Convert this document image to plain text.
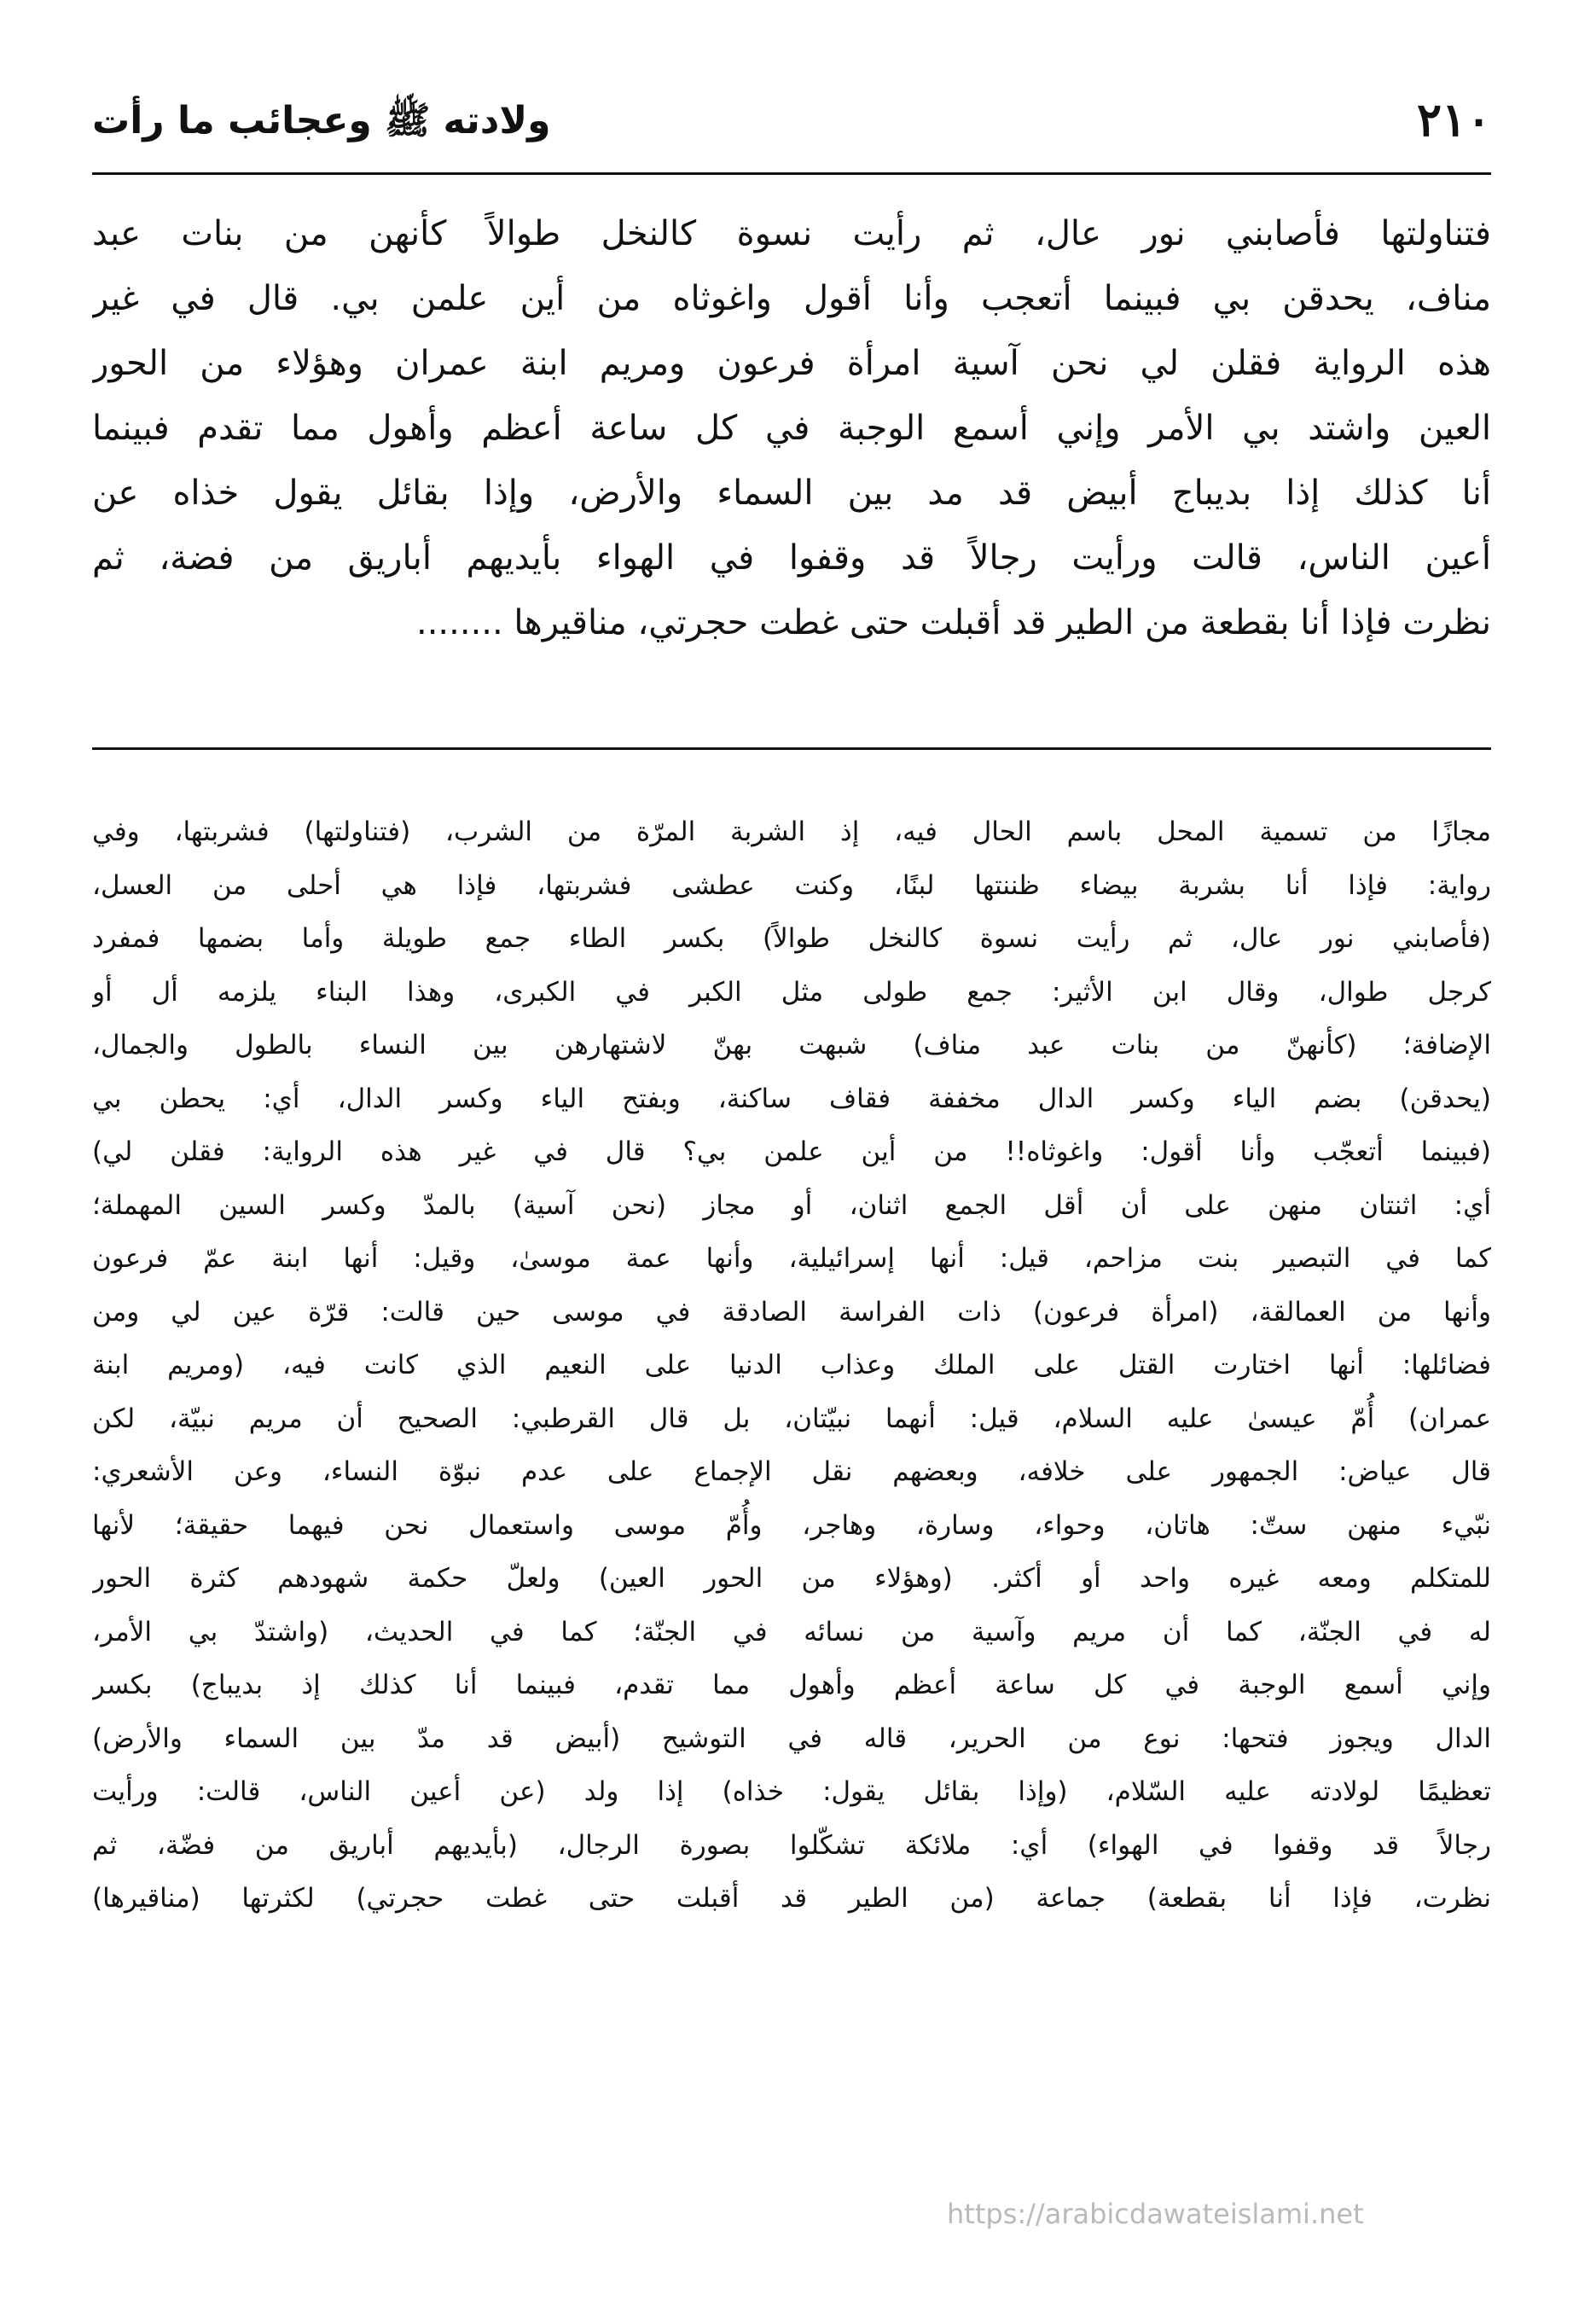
٢١٠
ولادته ﷺ وعجائب ما رأت
فتناولتها فأصابني نور عال، ثم رأيت نسوة كالنخل طوالاً كأنهن من بنات عبد
مناف، يحدقن بي فبينما أتعجب وأنا أقول واغوثاه من أين علمن بي. قال في غير
هذه الرواية فقلن لي نحن آسية امرأة فرعون ومريم ابنة عمران وهؤلاء من الحور
العين واشتد بي الأمر وإني أسمع الوجبة في كل ساعة أعظم وأهول مما تقدم فبينما
أنا كذلك إذا بديباج أبيض قد مد بين السماء والأرض، وإذا بقائل يقول خذاه عن
أعين الناس، قالت ورأيت رجالاً قد وقفوا في الهواء بأيديهم أباريق من فضة، ثم
نظرت فإذا أنا بقطعة من الطير قد أقبلت حتى غطت حجرتي، مناقيرها ........
مجازًا من تسمية المحل باسم الحال فيه، إذ الشربة المرّة من الشرب، (فتناولتها) فشربتها، وفي
رواية: فإذا أنا بشربة بيضاء ظننتها لبنًا، وكنت عطشى فشربتها، فإذا هي أحلى من العسل،
(فأصابني نور عال، ثم رأيت نسوة كالنخل طوالاً) بكسر الطاء جمع طويلة وأما بضمها فمفرد
كرجل طوال، وقال ابن الأثير: جمع طولى مثل الكبر في الكبرى، وهذا البناء يلزمه أل أو
الإضافة؛ (كأنهنّ من بنات عبد مناف) شبهت بهنّ لاشتهارهن بين النساء بالطول والجمال،
(يحدقن) بضم الياء وكسر الدال مخففة فقاف ساكنة، وبفتح الياء وكسر الدال، أي: يحطن بي
(فبينما أتعجّب وأنا أقول: واغوثاه!! من أين علمن بي؟ قال في غير هذه الرواية: فقلن لي)
أي: اثنتان منهن على أن أقل الجمع اثنان، أو مجاز (نحن آسية) بالمدّ وكسر السين المهملة؛
كما في التبصير بنت مزاحم، قيل: أنها إسرائيلية، وأنها عمة موسىٰ، وقيل: أنها ابنة عمّ فرعون
وأنها من العمالقة، (امرأة فرعون) ذات الفراسة الصادقة في موسى حين قالت: قرّة عين لي ومن
فضائلها: أنها اختارت القتل على الملك وعذاب الدنيا على النعيم الذي كانت فيه، (ومريم ابنة
عمران) أُمّ عيسىٰ عليه السلام، قيل: أنهما نبيّتان، بل قال القرطبي: الصحيح أن مريم نبيّة، لكن
قال عياض: الجمهور على خلافه، وبعضهم نقل الإجماع على عدم نبوّة النساء، وعن الأشعري:
نبّيء منهن ستّ: هاتان، وحواء، وسارة، وهاجر، وأُمّ موسى واستعمال نحن فيهما حقيقة؛ لأنها
للمتكلم ومعه غيره واحد أو أكثر. (وهؤلاء من الحور العين) ولعلّ حكمة شهودهم كثرة الحور
له في الجنّة، كما أن مريم وآسية من نسائه في الجنّة؛ كما في الحديث، (واشتدّ بي الأمر،
وإني أسمع الوجبة في كل ساعة أعظم وأهول مما تقدم، فبينما أنا كذلك إذ بديباج) بكسر
الدال ويجوز فتحها: نوع من الحرير، قاله في التوشيح (أبيض قد مدّ بين السماء والأرض)
تعظيمًا لولادته عليه السّلام، (وإذا بقائل يقول: خذاه) إذا ولد (عن أعين الناس، قالت: ورأيت
رجالاً قد وقفوا في الهواء) أي: ملائكة تشكّلوا بصورة الرجال، (بأيديهم أباريق من فضّة، ثم
نظرت، فإذا أنا بقطعة) جماعة (من الطير قد أقبلت حتى غطت حجرتي) لكثرتها (مناقيرها)
https://arabicdawateislami.net
